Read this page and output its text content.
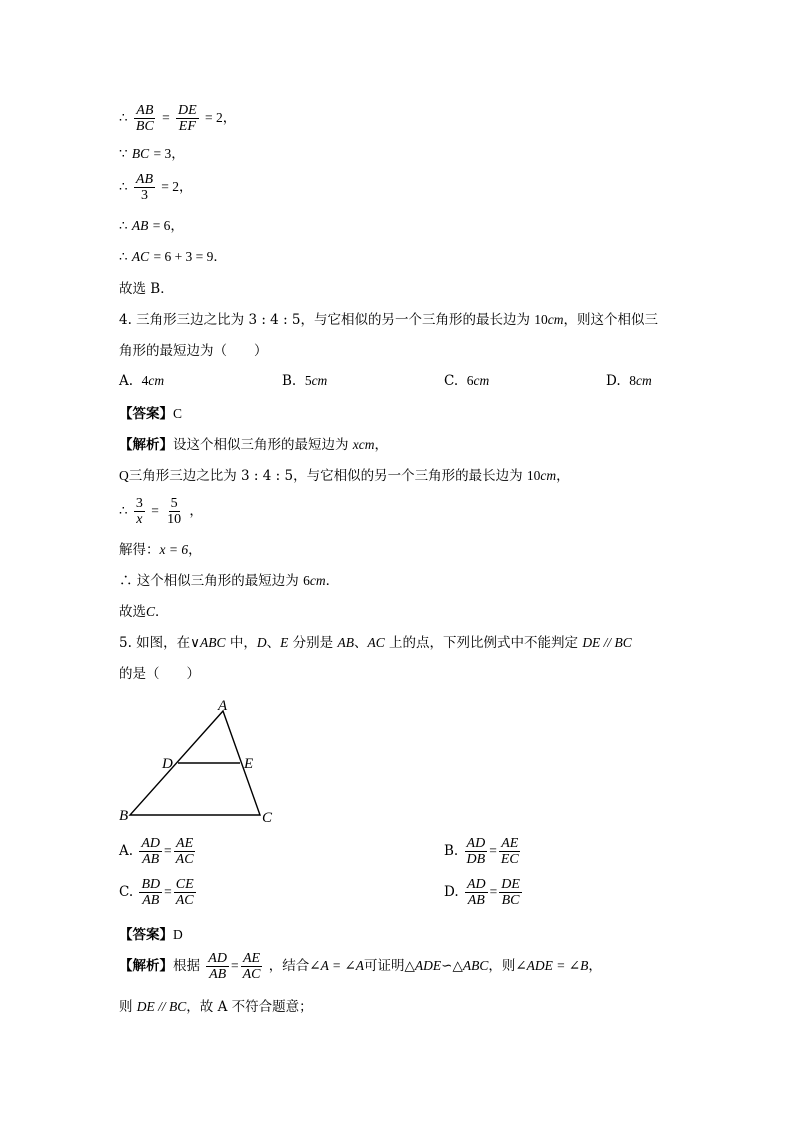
∴ $\frac{AB}{BC} = \frac{DE}{EF} = 2$，
∵ BC = 3，
∴ $\frac{AB}{3} = 2$，
∴ AB = 6，
∴ AC = 6 + 3 = 9．
故选 B．
4. 三角形三边之比为 3 : 4 : 5，与它相似的另一个三角形的最长边为 10cm，则这个相似三
角形的最短边为（　　）
A. 4cm	B. 5cm	C. 6cm	D. 8cm
【答案】C
【解析】设这个相似三角形的最短边为 xcm，
Q三角形三边之比为 3 : 4 : 5，与它相似的另一个三角形的最长边为 10cm，
∴ $\frac{3}{x} = \frac{5}{10}$ ，
解得：x = 6，
∴ 这个相似三角形的最短边为 6cm．
故选C．
5. 如图，在∨ABC 中，D、E 分别是 AB、AC 上的点，下列比例式中不能判定 DE // BC
的是（　　）
A
D	E
B	C
A. $\frac{AD}{AB} = \frac{AE}{AC}$	B. $\frac{AD}{DB} = \frac{AE}{EC}$
C. $\frac{BD}{AB} = \frac{CE}{AC}$	D. $\frac{AD}{AB} = \frac{DE}{BC}$
【答案】D
【解析】根据 $\frac{AD}{AB} = \frac{AE}{AC}$ ，结合∠A = ∠A可证明△ADE∽△ABC，则∠ADE = ∠B，
则 DE // BC，故 A 不符合题意；
